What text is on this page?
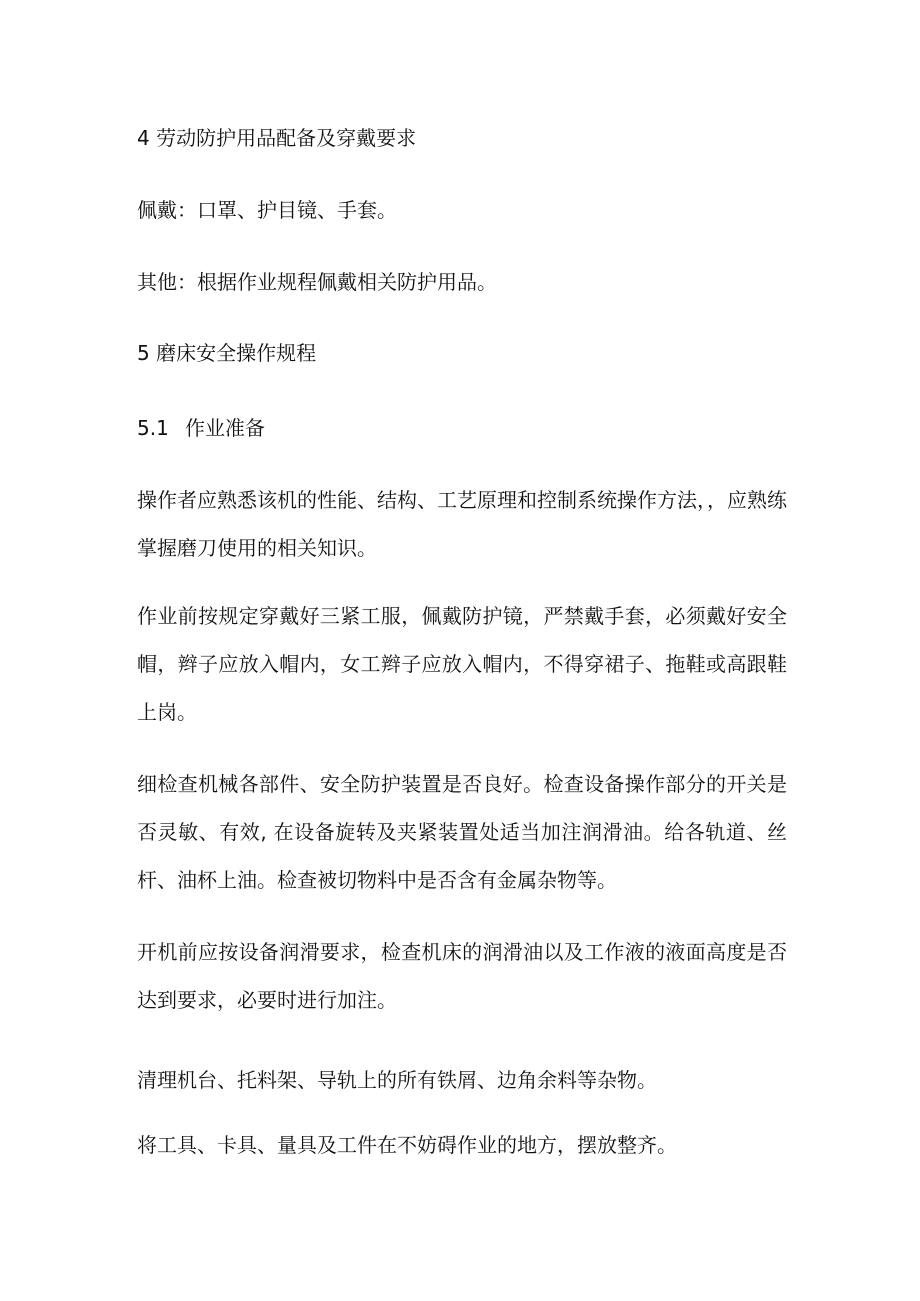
4 劳动防护用品配备及穿戴要求
佩戴：口罩、护目镜、手套。
其他：根据作业规程佩戴相关防护用品。
5 磨床安全操作规程
5.1 作业准备

操作者应熟悉该机的性能、结构、工艺原理和控制系统操作方法，，应熟练掌握磨刀使用的相关知识。

作业前按规定穿戴好三紧工服，佩戴防护镜，严禁戴手套，必须戴好安全帽，辫子应放入帽内，女工辫子应放入帽内，不得穿裙子、拖鞋或高跟鞋上岗。

细检查机械各部件、安全防护装置是否良好。检查设备操作部分的开关是否灵敏、有效, 在设备旋转及夹紧装置处适当加注润滑油。给各轨道、丝杆、油杯上油。检查被切物料中是否含有金属杂物等。

开机前应按设备润滑要求，检查机床的润滑油以及工作液的液面高度是否达到要求，必要时进行加注。

清理机台、托料架、导轨上的所有铁屑、边角余料等杂物。

将工具、卡具、量具及工件在不妨碍作业的地方，摆放整齐。
